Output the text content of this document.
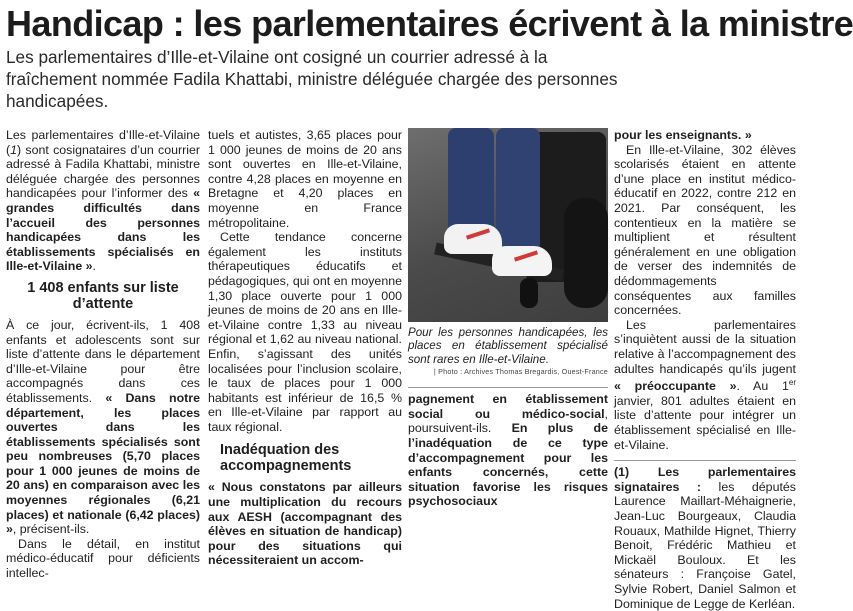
Handicap : les parlementaires écrivent à la ministre
Les parlementaires d’Ille-et-Vilaine ont cosigné un courrier adressé à la fraîchement nommée Fadila Khattabi, ministre déléguée chargée des personnes handicapées.

Les parlementaires d’Ille-et-Vilaine (1) sont cosignataires d’un courrier adressé à Fadila Khattabi, ministre déléguée chargée des personnes handicapées pour l’informer des « grandes difficultés dans l’accueil des personnes handicapées dans les établissements spécialisés en Ille-et-Vilaine ».

1 408 enfants sur liste d’attente

À ce jour, écrivent-ils, 1 408 enfants et adolescents sont sur liste d’attente dans le département d’Ille-et-Vilaine pour être accompagnés dans ces établissements. « Dans notre département, les places ouvertes dans les établissements spécialisés sont peu nombreuses (5,70 places pour 1 000 jeunes de moins de 20 ans) en comparaison avec les moyennes régionales (6,21 places) et nationale (6,42 places) », précisent-ils.

Dans le détail, en institut médico-éducatif pour déficients intellec-

tuels et autistes, 3,65 places pour 1 000 jeunes de moins de 20 ans sont ouvertes en Ille-et-Vilaine, contre 4,28 places en moyenne en Bretagne et 4,20 places en moyenne en France métropolitaine.

Cette tendance concerne également les instituts thérapeutiques éducatifs et pédagogiques, qui ont en moyenne 1,30 place ouverte pour 1 000 jeunes de moins de 20 ans en Ille-et-Vilaine contre 1,33 au niveau régional et 1,62 au niveau national. Enfin, s’agissant des unités localisées pour l’inclusion scolaire, le taux de places pour 1 000 habitants est inférieur de 16,5 % en Ille-et-Vilaine par rapport au taux régional.

Inadéquation des accompagnements

« Nous constatons par ailleurs une multiplication du recours aux AESH (accompagnant des élèves en situation de handicap) pour des situations qui nécessiteraient un accom-

Pour les personnes handicapées, les places en établissement spécialisé sont rares en Ille-et-Vilaine.
| Photo : Archives Thomas Bregardis, Ouest-France

pagnement en établissement social ou médico-social, poursuivent-ils. En plus de l’inadéquation de ce type d’accompagnement pour les enfants concernés, cette situation favorise les risques psychosociaux

pour les enseignants. »

En Ille-et-Vilaine, 302 élèves scolarisés étaient en attente d’une place en institut médico-éducatif en 2022, contre 212 en 2021. Par conséquent, les contentieux en la matière se multiplient et résultent généralement en une obligation de verser des indemnités de dédommagements conséquentes aux familles concernées.

Les parlementaires s’inquiètent aussi de la situation relative à l’accompagnement des adultes handicapés qu’ils jugent « préoccupante ». Au 1er janvier, 801 adultes étaient en liste d’attente pour intégrer un établissement spécialisé en Ille-et-Vilaine.

(1) Les parlementaires signataires : les députés Laurence Maillart-Méhaignerie, Jean-Luc Bourgeaux, Claudia Rouaux, Mathilde Hignet, Thierry Benoit, Frédéric Mathieu et Mickaël Bouloux. Et les sénateurs : Françoise Gatel, Sylvie Robert, Daniel Salmon et Dominique de Legge de Kerléan.
